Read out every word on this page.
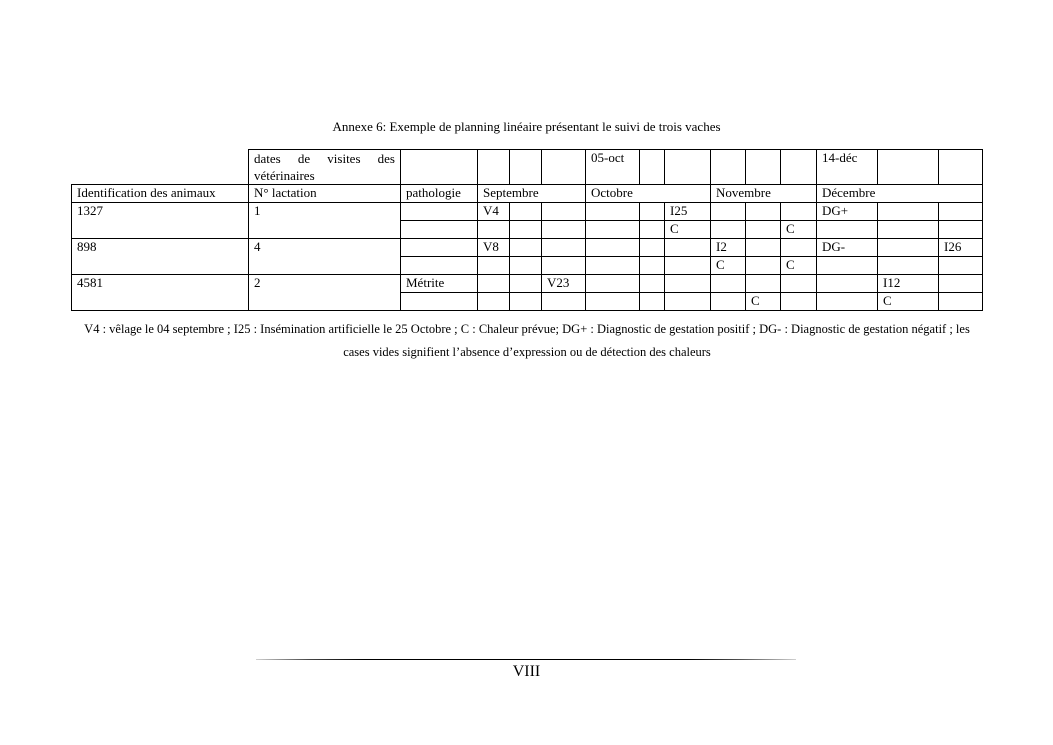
Annexe 6: Exemple de planning linéaire présentant le suivi de trois vaches
	dates de visites des vétérinaires					05-oct						14-déc		
Identification des animaux	N° lactation	pathologie	Septembre			Octobre			Novembre			Décembre		
1327	1		V4					I25				DG+		
								C			C			
898	4		V8						I2			DG-		I26
									C		C			
4581	2	Métrite			V23								I12	
										C			C	
V4 : vêlage le 04 septembre ; I25 : Insémination artificielle le 25 Octobre ; C : Chaleur prévue; DG+ : Diagnostic de gestation positif ; DG- : Diagnostic de gestation négatif ; les cases vides signifient l’absence d’expression ou de détection des chaleurs
VIII
